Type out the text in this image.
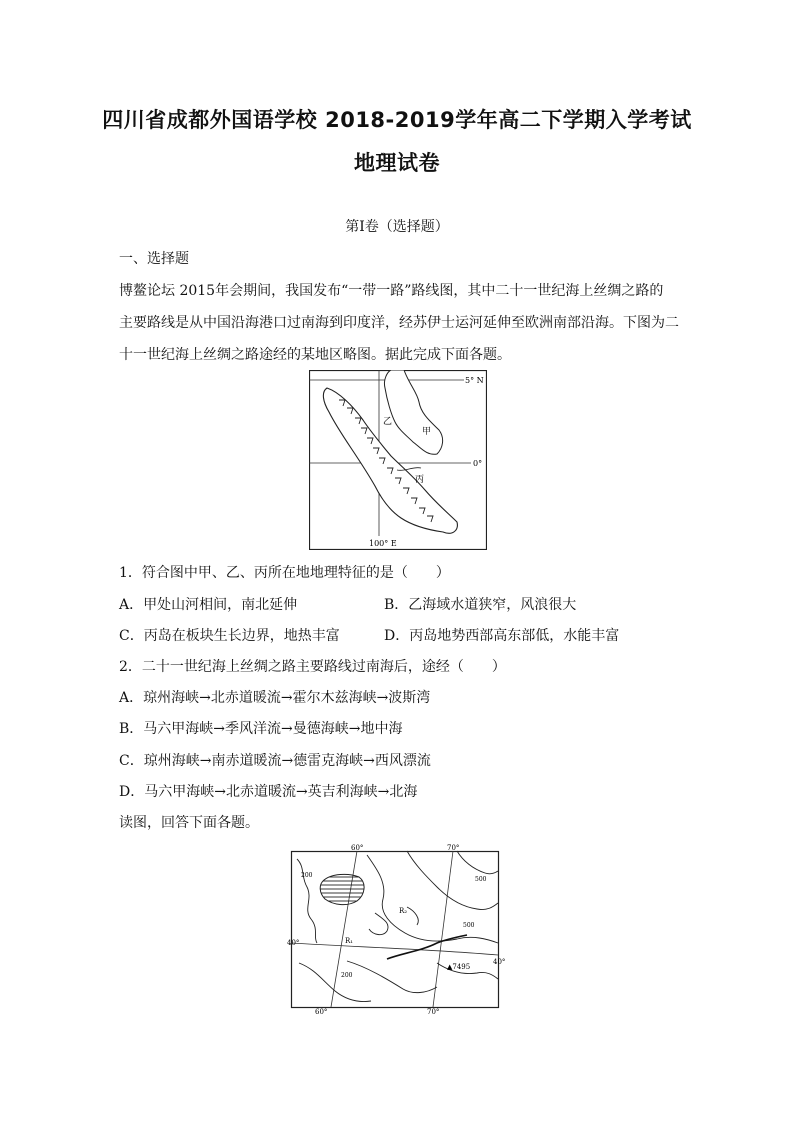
四川省成都外国语学校 2018-2019学年高二下学期入学考试
地理试卷
第Ⅰ卷（选择题）
一、选择题
博鳌论坛 2015年会期间，我国发布“一带一路”路线图，其中二十一世纪海上丝绸之路的
主要路线是从中国沿海港口过南海到印度洋，经苏伊士运河延伸至欧洲南部沿海。下图为二
十一世纪海上丝绸之路途经的某地区略图。据此完成下面各题。
5° N
0°
100° E
乙
甲
丙
1．符合图中甲、乙、丙所在地地理特征的是（　　）
A．甲处山河相间，南北延伸	B．乙海域水道狭窄，风浪很大
C．丙岛在板块生长边界，地热丰富	D．丙岛地势西部高东部低，水能丰富
2．二十一世纪海上丝绸之路主要路线过南海后，途经（　　）
A．琼州海峡→北赤道暖流→霍尔木兹海峡→波斯湾
B．马六甲海峡→季风洋流→曼德海峡→地中海
C．琼州海峡→南赤道暖流→德雷克海峡→西风漂流
D．马六甲海峡→北赤道暖流→英吉利海峡→北海
读图，回答下面各题。
60°	70°
60°	70°
40°
40°
200
500
200
500
R₁
R₂
▲7495
